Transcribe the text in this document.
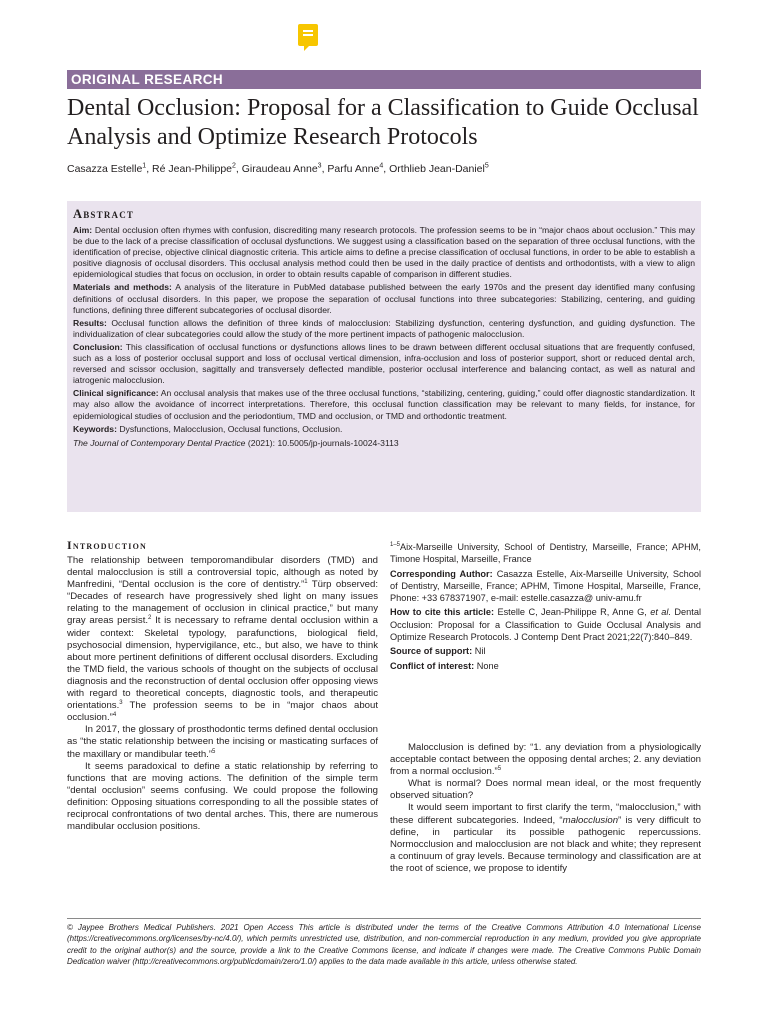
ORIGINAL RESEARCH
Dental Occlusion: Proposal for a Classification to Guide Occlusal Analysis and Optimize Research Protocols
Casazza Estelle$^1$, Ré Jean-Philippe$^2$, Giraudeau Anne$^3$, Parfu Anne$^4$, Orthlieb Jean-Daniel$^5$
Abstract

Aim: Dental occlusion often rhymes with confusion, discrediting many research protocols. The profession seems to be in “major chaos about occlusion.” This may be due to the lack of a precise classification of occlusal dysfunctions. We suggest using a classification based on the separation of three occlusal functions, with the identification of precise, objective clinical diagnostic criteria. This article aims to define a precise classification of occlusal functions, in order to be able to establish a positive diagnosis of occlusal disorders. This occlusal analysis method could then be used in the daily practice of dentists and orthodontists, with a view to align epidemiological studies that focus on occlusion, in order to obtain results capable of comparison in different studies.

Materials and methods: A analysis of the literature in PubMed database published between the early 1970s and the present day identified many confusing definitions of occlusal disorders. In this paper, we propose the separation of occlusal functions into three subcategories: Stabilizing, centering, and guiding functions, defining three different subcategories of occlusal disorder.

Results: Occlusal function allows the definition of three kinds of malocclusion: Stabilizing dysfunction, centering dysfunction, and guiding dysfunction. The individualization of clear subcategories could allow the study of the more pertinent impacts of pathogenic malocclusion.

Conclusion: This classification of occlusal functions or dysfunctions allows lines to be drawn between different occlusal situations that are frequently confused, such as a loss of posterior occlusal support and loss of occlusal vertical dimension, infra-occlusion and loss of posterior support, short or reduced dental arch, reversed and scissor occlusion, sagittally and transversely deflected mandible, posterior occlusal interference and balancing contact, as well as natural and iatrogenic malocclusion.

Clinical significance: An occlusal analysis that makes use of the three occlusal functions, “stabilizing, centering, guiding,” could offer diagnostic standardization. It may also allow the avoidance of incorrect interpretations. Therefore, this occlusal function classification may be relevant to many fields, for instance, for epidemiological studies of occlusion and the periodontium, TMD and occlusion, or TMD and orthodontic treatment.

Keywords: Dysfunctions, Malocclusion, Occlusal functions, Occlusion.

The Journal of Contemporary Dental Practice (2021): 10.5005/jp-journals-10024-3113

Introduction

The relationship between temporomandibular disorders (TMD) and dental malocclusion is still a controversial topic, although as noted by Manfredini, “Dental occlusion is the core of dentistry.”$^1$ Türp observed: “Decades of research have progressively shed light on many issues relating to the management of occlusion in clinical practice,” but many gray areas persist.$^2$ It is necessary to reframe dental occlusion within a wider context: Skeletal typology, parafunctions, biological field, psychosocial dimension, hypervigilance, etc., but also, we have to think about more pertinent definitions of different occlusal disorders. Excluding the TMD field, the various schools of thought on the subjects of occlusal diagnosis and the reconstruction of dental occlusion offer opposing views with regard to theoretical concepts, diagnostic tools, and therapeutic orientations.$^3$ The profession seems to be in “major chaos about occlusion.”$^4$

In 2017, the glossary of prosthodontic terms defined dental occlusion as “the static relationship between the incising or masticating surfaces of the maxillary or mandibular teeth.”$^5$

It seems paradoxical to define a static relationship by referring to functions that are moving actions. The definition of the simple term “dental occlusion” seems confusing. We could propose the following definition: Opposing situations corresponding to all the possible states of reciprocal confrontations of two dental arches. This, there are numerous mandibular occlusion positions.

$^{1-5}$Aix-Marseille University, School of Dentistry, Marseille, France; APHM, Timone Hospital, Marseille, France

Corresponding Author: Casazza Estelle, Aix-Marseille University, School of Dentistry, Marseille, France; APHM, Timone Hospital, Marseille, France, Phone: +33 678371907, e-mail: estelle.casazza@ univ-amu.fr

How to cite this article: Estelle C, Jean-Philippe R, Anne G, et al. Dental Occlusion: Proposal for a Classification to Guide Occlusal Analysis and Optimize Research Protocols. J Contemp Dent Pract 2021;22(7):840–849.

Source of support: Nil

Conflict of interest: None

Malocclusion is defined by: “1. any deviation from a physiologically acceptable contact between the opposing dental arches; 2. any deviation from a normal occlusion.”$^5$

What is normal? Does normal mean ideal, or the most frequently observed situation?

It would seem important to first clarify the term, “malocclusion,” with these different subcategories. Indeed, “malocclusion” is very difficult to define, in particular its possible pathogenic repercussions. Normocclusion and malocclusion are not black and white; they represent a continuum of gray levels. Because terminology and classification are at the root of science, we propose to identify

© Jaypee Brothers Medical Publishers. 2021 Open Access This article is distributed under the terms of the Creative Commons Attribution 4.0 International License (https://creativecommons.org/licenses/by-nc/4.0/), which permits unrestricted use, distribution, and non-commercial reproduction in any medium, provided you give appropriate credit to the original author(s) and the source, provide a link to the Creative Commons license, and indicate if changes were made. The Creative Commons Public Domain Dedication waiver (http://creativecommons.org/publicdomain/zero/1.0/) applies to the data made available in this article, unless otherwise stated.
